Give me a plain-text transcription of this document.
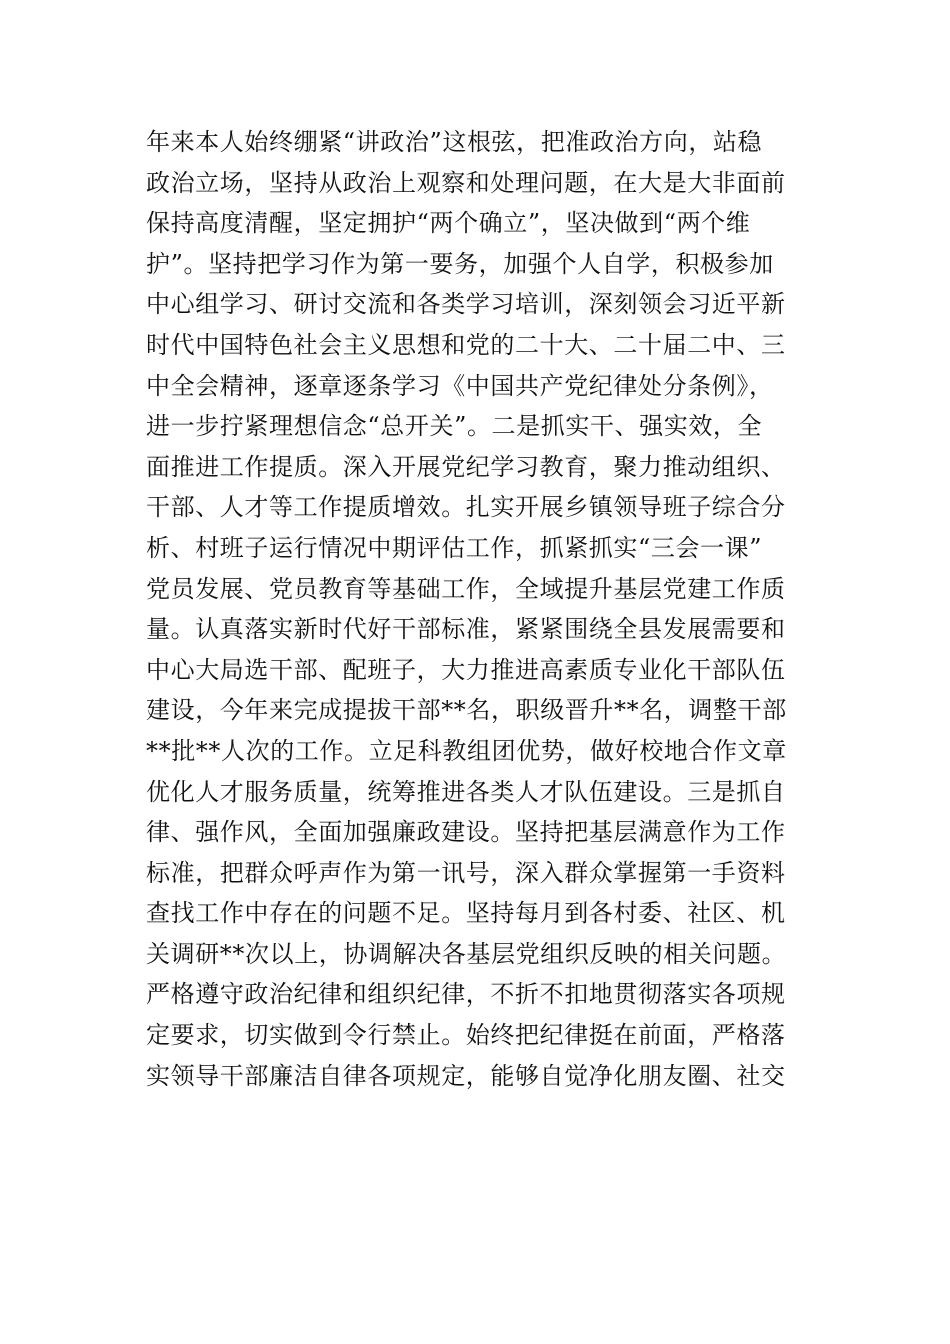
年来本人始终绷紧“讲政治”这根弦，把准政治方向，站稳
政治立场，坚持从政治上观察和处理问题，在大是大非面前
保持高度清醒，坚定拥护“两个确立”，坚决做到“两个维
护”。坚持把学习作为第一要务，加强个人自学，积极参加
中心组学习、研讨交流和各类学习培训，深刻领会习近平新
时代中国特色社会主义思想和党的二十大、二十届二中、三
中全会精神，逐章逐条学习《中国共产党纪律处分条例》，
进一步拧紧理想信念“总开关”。二是抓实干、强实效，全
面推进工作提质。深入开展党纪学习教育，聚力推动组织、
干部、人才等工作提质增效。扎实开展乡镇领导班子综合分
析、村班子运行情况中期评估工作，抓紧抓实“三会一课”
党员发展、党员教育等基础工作，全域提升基层党建工作质
量。认真落实新时代好干部标准，紧紧围绕全县发展需要和
中心大局选干部、配班子，大力推进高素质专业化干部队伍
建设，今年来完成提拔干部**名，职级晋升**名，调整干部
**批**人次的工作。立足科教组团优势，做好校地合作文章
优化人才服务质量，统筹推进各类人才队伍建设。三是抓自
律、强作风，全面加强廉政建设。坚持把基层满意作为工作
标准，把群众呼声作为第一讯号，深入群众掌握第一手资料
查找工作中存在的问题不足。坚持每月到各村委、社区、机
关调研**次以上，协调解决各基层党组织反映的相关问题。
严格遵守政治纪律和组织纪律，不折不扣地贯彻落实各项规
定要求，切实做到令行禁止。始终把纪律挺在前面，严格落
实领导干部廉洁自律各项规定，能够自觉净化朋友圈、社交
